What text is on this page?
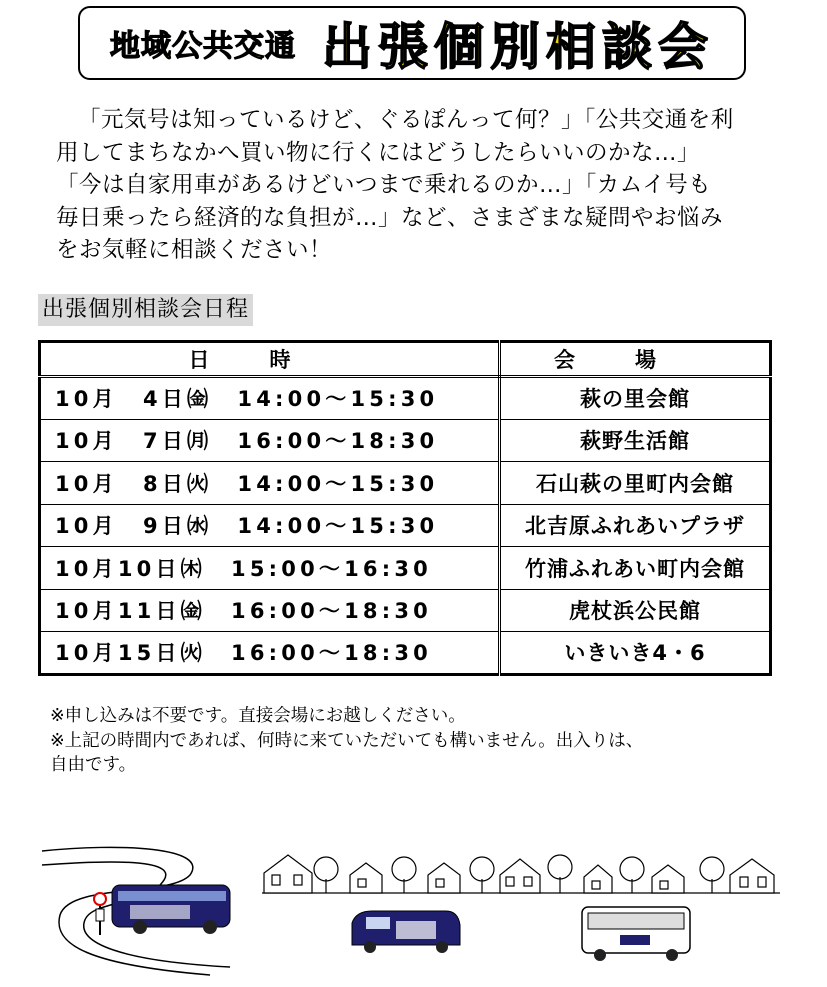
地域公共交通 出張個別相談会

「元気号は知っているけど、ぐるぽんって何？」「公共交通を利

用してまちなかへ買い物に行くにはどうしたらいいのかな…」

「今は自家用車があるけどいつまで乗れるのか…」「カムイ号も

毎日乗ったら経済的な負担が…」など、さまざまな疑問やお悩み

をお気軽に相談ください！

出張個別相談会日程
日時	会場
10月　4日㈮　14:00〜15:30	萩の里会館
10月　7日㈪　16:00〜18:30	萩野生活館
10月　8日㈫　14:00〜15:30	石山萩の里町内会館
10月　9日㈬　14:00〜15:30	北吉原ふれあいプラザ
10月10日㈭　15:00〜16:30	竹浦ふれあい町内会館
10月11日㈮　16:00〜18:30	虎杖浜公民館
10月15日㈫　16:00〜18:30	いきいき4・6

※申し込みは不要です。直接会場にお越しください。

※上記の時間内であれば、何時に来ていただいても構いません。出入りは、

自由です。
